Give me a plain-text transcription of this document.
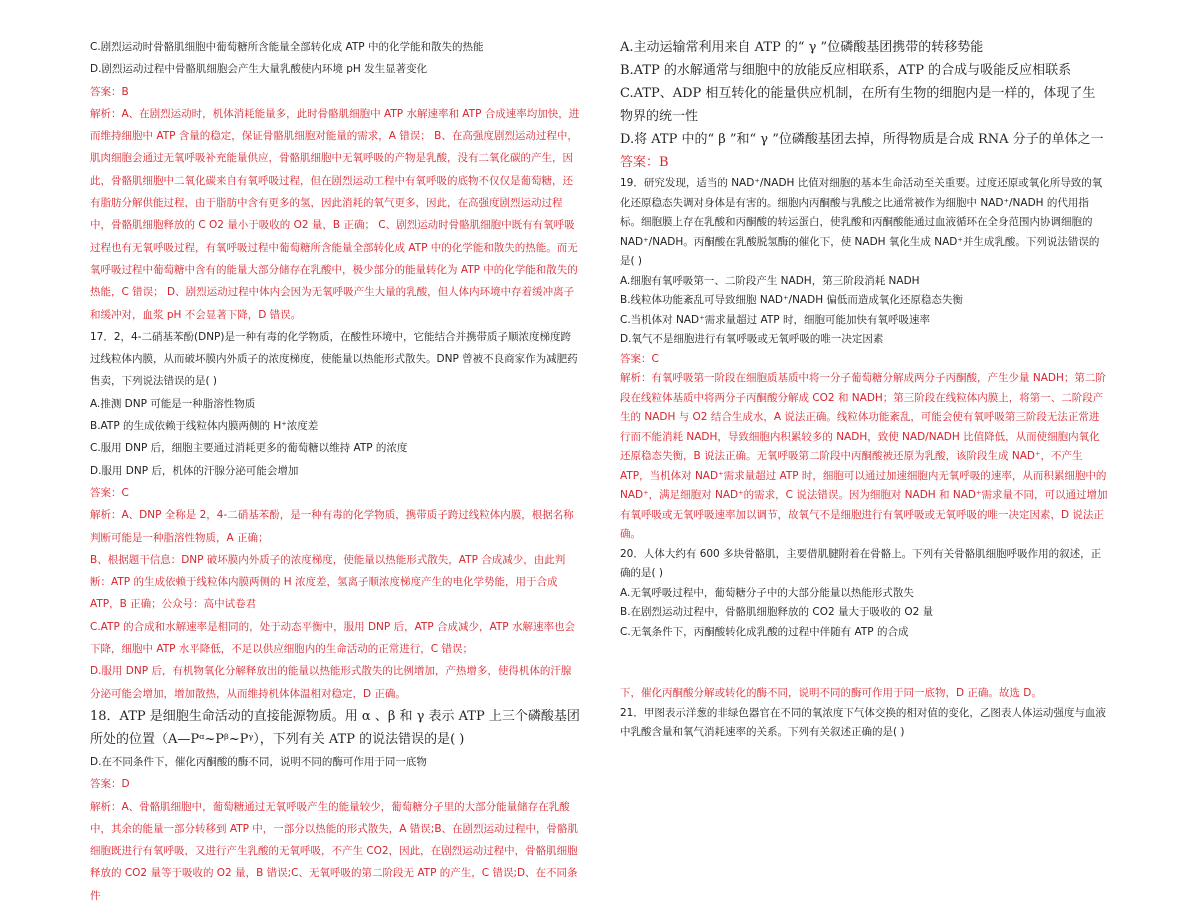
C.剧烈运动时骨骼肌细胞中葡萄糖所含能量全部转化成 ATP 中的化学能和散失的热能

D.剧烈运动过程中骨骼肌细胞会产生大量乳酸使内环境 pH 发生显著变化

答案：B

解析：A、在剧烈运动时，机体消耗能量多，此时骨骼肌细胞中 ATP 水解速率和 ATP 合成速率均加快，进而维持细胞中 ATP 含量的稳定，保证骨骼肌细胞对能量的需求，A 错误； B、在高强度剧烈运动过程中，肌肉细胞会通过无氧呼吸补充能量供应，骨骼肌细胞中无氧呼吸的产物是乳酸，没有二氧化碳的产生，因此，骨骼肌细胞中二氧化碳来自有氧呼吸过程，但在剧烈运动工程中有氧呼吸的底物不仅仅是葡萄糖，还有脂肪分解供能过程，由于脂肪中含有更多的氢，因此消耗的氧气更多，因此，在高强度剧烈运动过程中，骨骼肌细胞释放的 C O2 量小于吸收的 O2 量，B 正确； C、剧烈运动时骨骼肌细胞中既有有氧呼吸过程也有无氧呼吸过程，有氧呼吸过程中葡萄糖所含能量全部转化成 ATP 中的化学能和散失的热能。而无氧呼吸过程中葡萄糖中含有的能量大部分储存在乳酸中，极少部分的能量转化为 ATP 中的化学能和散失的热能，C 错误； D、剧烈运动过程中体内会因为无氧呼吸产生大量的乳酸，但人体内环境中存着缓冲离子和缓冲对，血浆 pH 不会显著下降，D 错误。

17．2，4-二硝基苯酚(DNP)是一种有毒的化学物质，在酸性环境中，它能结合并携带质子顺浓度梯度跨过线粒体内膜，从而破坏膜内外质子的浓度梯度，使能量以热能形式散失。DNP 曾被不良商家作为减肥药售卖，下列说法错误的是( )

A.推测 DNP 可能是一种脂溶性物质

B.ATP 的生成依赖于线粒体内膜两侧的 H⁺浓度差

C.服用 DNP 后，细胞主要通过消耗更多的葡萄糖以维持 ATP 的浓度

D.服用 DNP 后，机体的汗腺分泌可能会增加

答案：C

解析：A、DNP 全称是 2，4-二硝基苯酚，是一种有毒的化学物质，携带质子跨过线粒体内膜，根据名称判断可能是一种脂溶性物质，A 正确；

B、根据题干信息：DNP 破坏膜内外质子的浓度梯度，使能量以热能形式散失，ATP 合成减少，由此判断：ATP 的生成依赖于线粒体内膜两侧的 H 浓度差，氢离子顺浓度梯度产生的电化学势能，用于合成 ATP，B 正确；公众号：高中试卷君

C.ATP 的合成和水解速率是相同的，处于动态平衡中，服用 DNP 后，ATP 合成减少，ATP 水解速率也会下降，细胞中 ATP 水平降低，不足以供应细胞内的生命活动的正常进行，C 错误；

D.服用 DNP 后，有机物氧化分解释放出的能量以热能形式散失的比例增加，产热增多，使得机体的汗腺分泌可能会增加，增加散热，从而维持机体体温相对稳定，D 正确。

18．ATP 是细胞生命活动的直接能源物质。用 α 、β 和 γ 表示 ATP 上三个磷酸基团所处的位置（A—Pᵅ~Pᵝ~Pᵞ），下列有关 ATP 的说法错误的是( )

D.在不同条件下，催化丙酮酸的酶不同，说明不同的酶可作用于同一底物

答案：D

解析：A、骨骼肌细胞中，葡萄糖通过无氧呼吸产生的能量较少，葡萄糖分子里的大部分能量储存在乳酸中，其余的能量一部分转移到 ATP 中，一部分以热能的形式散失，A 错误;B、在剧烈运动过程中，骨骼肌细胞既进行有氧呼吸，又进行产生乳酸的无氧呼吸，不产生 CO2，因此，在剧烈运动过程中，骨骼肌细胞释放的 CO2 量等于吸收的 O2 量，B 错误;C、无氧呼吸的第二阶段无 ATP 的产生，C 错误;D、在不同条件

A.主动运输常利用来自 ATP 的“ γ ”位磷酸基团携带的转移势能

B.ATP 的水解通常与细胞中的放能反应相联系，ATP 的合成与吸能反应相联系

C.ATP、ADP 相互转化的能量供应机制，在所有生物的细胞内是一样的，体现了生物界的统一性

D.将 ATP 中的“ β ”和“ γ ”位磷酸基团去掉，所得物质是合成 RNA 分子的单体之一

答案：B

19．研究发现，适当的 NAD⁺/NADH 比值对细胞的基本生命活动至关重要。过度还原或氧化所导致的氧化还原稳态失调对身体是有害的。细胞内丙酮酸与乳酸之比通常被作为细胞中 NAD⁺/NADH 的代用指标。细胞膜上存在乳酸和丙酮酸的转运蛋白，使乳酸和丙酮酸能通过血液循环在全身范围内协调细胞的 NAD⁺/NADH。丙酮酸在乳酸脱氢酶的催化下，使 NADH 氧化生成 NAD⁺并生成乳酸。下列说法错误的是( )

A.细胞有氧呼吸第一、二阶段产生 NADH，第三阶段消耗 NADH

B.线粒体功能紊乱可导致细胞 NAD⁺/NADH 偏低而造成氧化还原稳态失衡

C.当机体对 NAD⁺需求量超过 ATP 时，细胞可能加快有氧呼吸速率

D.氧气不是细胞进行有氧呼吸或无氧呼吸的唯一决定因素

答案：C

解析：有氧呼吸第一阶段在细胞质基质中将一分子葡萄糖分解成两分子丙酮酸，产生少量 NADH；第二阶段在线粒体基质中将两分子丙酮酸分解成 CO2 和 NADH；第三阶段在线粒体内膜上，将第一、二阶段产生的 NADH 与 O2 结合生成水，A 说法正确。线粒体功能紊乱，可能会使有氧呼吸第三阶段无法正常进行而不能消耗 NADH，导致细胞内积累较多的 NADH，致使 NAD/NADH 比值降低，从而使细胞内氧化还原稳态失衡，B 说法正确。无氧呼吸第二阶段中丙酮酸被还原为乳酸，该阶段生成 NAD⁺，不产生 ATP，当机体对 NAD⁺需求量超过 ATP 时，细胞可以通过加速细胞内无氧呼吸的速率，从而积累细胞中的 NAD⁺，满足细胞对 NAD⁺的需求，C 说法错误。因为细胞对 NADH 和 NAD⁺需求量不同，可以通过增加有氧呼吸或无氧呼吸速率加以调节，故氧气不是细胞进行有氧呼吸或无氧呼吸的唯一决定因素，D 说法正确。

20．人体大约有 600 多块骨骼肌，主要借肌腱附着在骨骼上。下列有关骨骼肌细胞呼吸作用的叙述，正确的是( )

A.无氧呼吸过程中，葡萄糖分子中的大部分能量以热能形式散失

B.在剧烈运动过程中，骨骼肌细胞释放的 CO2 量大于吸收的 O2 量

C.无氧条件下，丙酮酸转化成乳酸的过程中伴随有 ATP 的合成

下，催化丙酮酸分解或转化的酶不同，说明不同的酶可作用于同一底物，D 正确。故选 D。

21．甲图表示洋葱的非绿色器官在不同的氧浓度下气体交换的相对值的变化，乙图表人体运动强度与血液中乳酸含量和氧气消耗速率的关系。下列有关叙述正确的是( )
